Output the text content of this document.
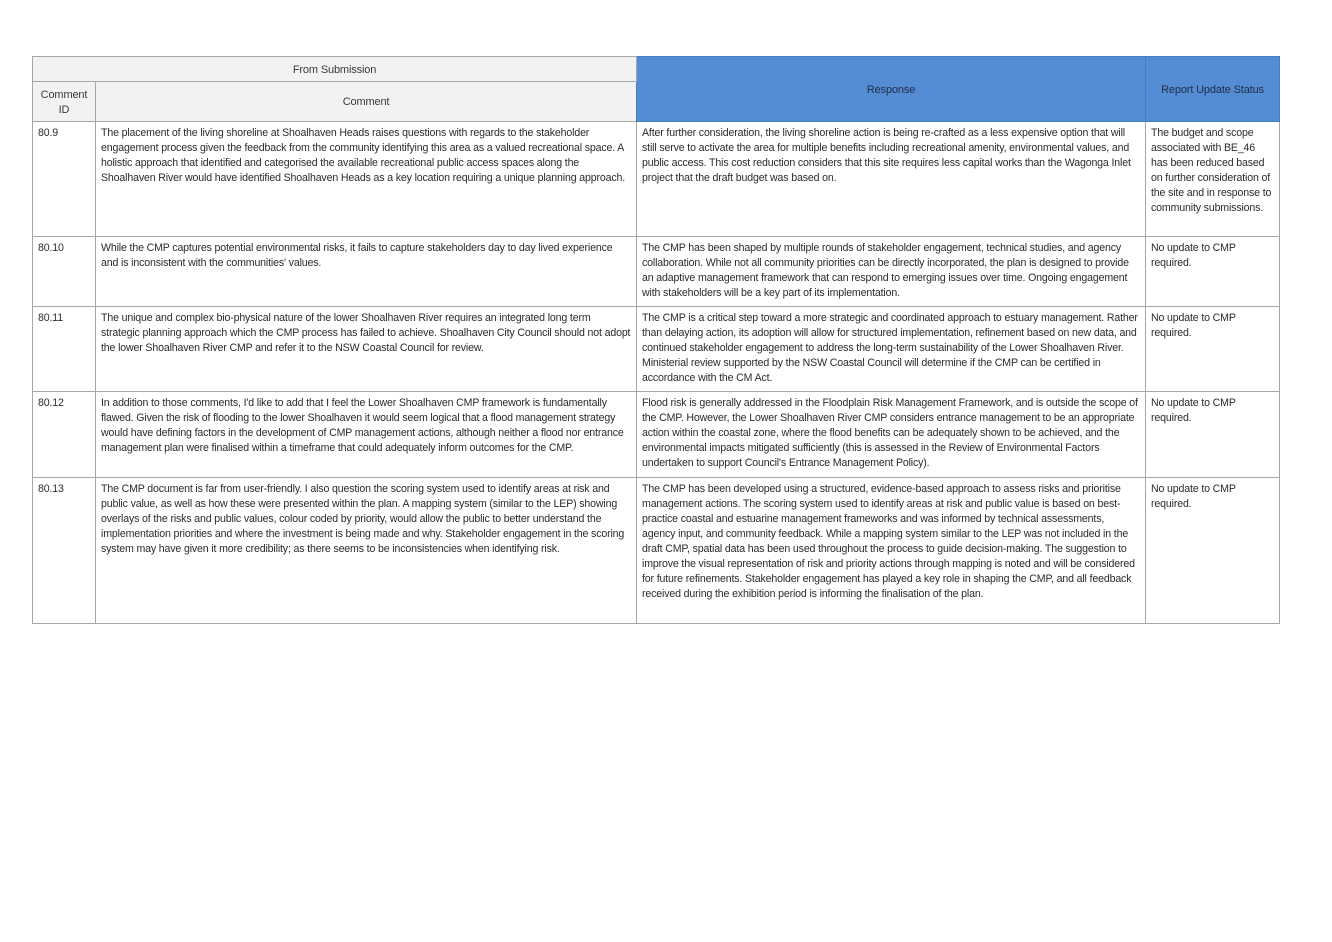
From Submission		Response	Report Update Status
Comment ID	Comment		
80.9	The placement of the living shoreline at Shoalhaven Heads raises questions with regards to the stakeholder engagement process given the feedback from the community identifying this area as a valued recreational space. A holistic approach that identified and categorised the available recreational public access spaces along the Shoalhaven River would have identified Shoalhaven Heads as a key location requiring a unique planning approach.	After further consideration, the living shoreline action is being re-crafted as a less expensive option that will still serve to activate the area for multiple benefits including recreational amenity, environmental values, and public access. This cost reduction considers that this site requires less capital works than the Wagonga Inlet project that the draft budget was based on.	The budget and scope associated with BE_46 has been reduced based on further consideration of the site and in response to community submissions.
80.10	While the CMP captures potential environmental risks, it fails to capture stakeholders day to day lived experience and is inconsistent with the communities' values.	The CMP has been shaped by multiple rounds of stakeholder engagement, technical studies, and agency collaboration. While not all community priorities can be directly incorporated, the plan is designed to provide an adaptive management framework that can respond to emerging issues over time. Ongoing engagement with stakeholders will be a key part of its implementation.	No update to CMP required.
80.11	The unique and complex bio-physical nature of the lower Shoalhaven River requires an integrated long term strategic planning approach which the CMP process has failed to achieve. Shoalhaven City Council should not adopt the lower Shoalhaven River CMP and refer it to the NSW Coastal Council for review.	The CMP is a critical step toward a more strategic and coordinated approach to estuary management. Rather than delaying action, its adoption will allow for structured implementation, refinement based on new data, and continued stakeholder engagement to address the long-term sustainability of the Lower Shoalhaven River. Ministerial review supported by the NSW Coastal Council will determine if the CMP can be certified in accordance with the CM Act.	No update to CMP required.
80.12	In addition to those comments, I'd like to add that I feel the Lower Shoalhaven CMP framework is fundamentally flawed. Given the risk of flooding to the lower Shoalhaven it would seem logical that a flood management strategy would have defining factors in the development of CMP management actions, although neither a flood nor entrance management plan were finalised within a timeframe that could adequately inform outcomes for the CMP.	Flood risk is generally addressed in the Floodplain Risk Management Framework, and is outside the scope of the CMP. However, the Lower Shoalhaven River CMP considers entrance management to be an appropriate action within the coastal zone, where the flood benefits can be adequately shown to be achieved, and the environmental impacts mitigated sufficiently (this is assessed in the Review of Environmental Factors undertaken to support Council's Entrance Management Policy).	No update to CMP required.
80.13	The CMP document is far from user-friendly. I also question the scoring system used to identify areas at risk and public value, as well as how these were presented within the plan. A mapping system (similar to the LEP) showing overlays of the risks and public values, colour coded by priority, would allow the public to better understand the implementation priorities and where the investment is being made and why. Stakeholder engagement in the scoring system may have given it more credibility; as there seems to be inconsistencies when identifying risk.	The CMP has been developed using a structured, evidence-based approach to assess risks and prioritise management actions. The scoring system used to identify areas at risk and public value is based on best-practice coastal and estuarine management frameworks and was informed by technical assessments, agency input, and community feedback. While a mapping system similar to the LEP was not included in the draft CMP, spatial data has been used throughout the process to guide decision-making. The suggestion to improve the visual representation of risk and priority actions through mapping is noted and will be considered for future refinements. Stakeholder engagement has played a key role in shaping the CMP, and all feedback received during the exhibition period is informing the finalisation of the plan.	No update to CMP required.
